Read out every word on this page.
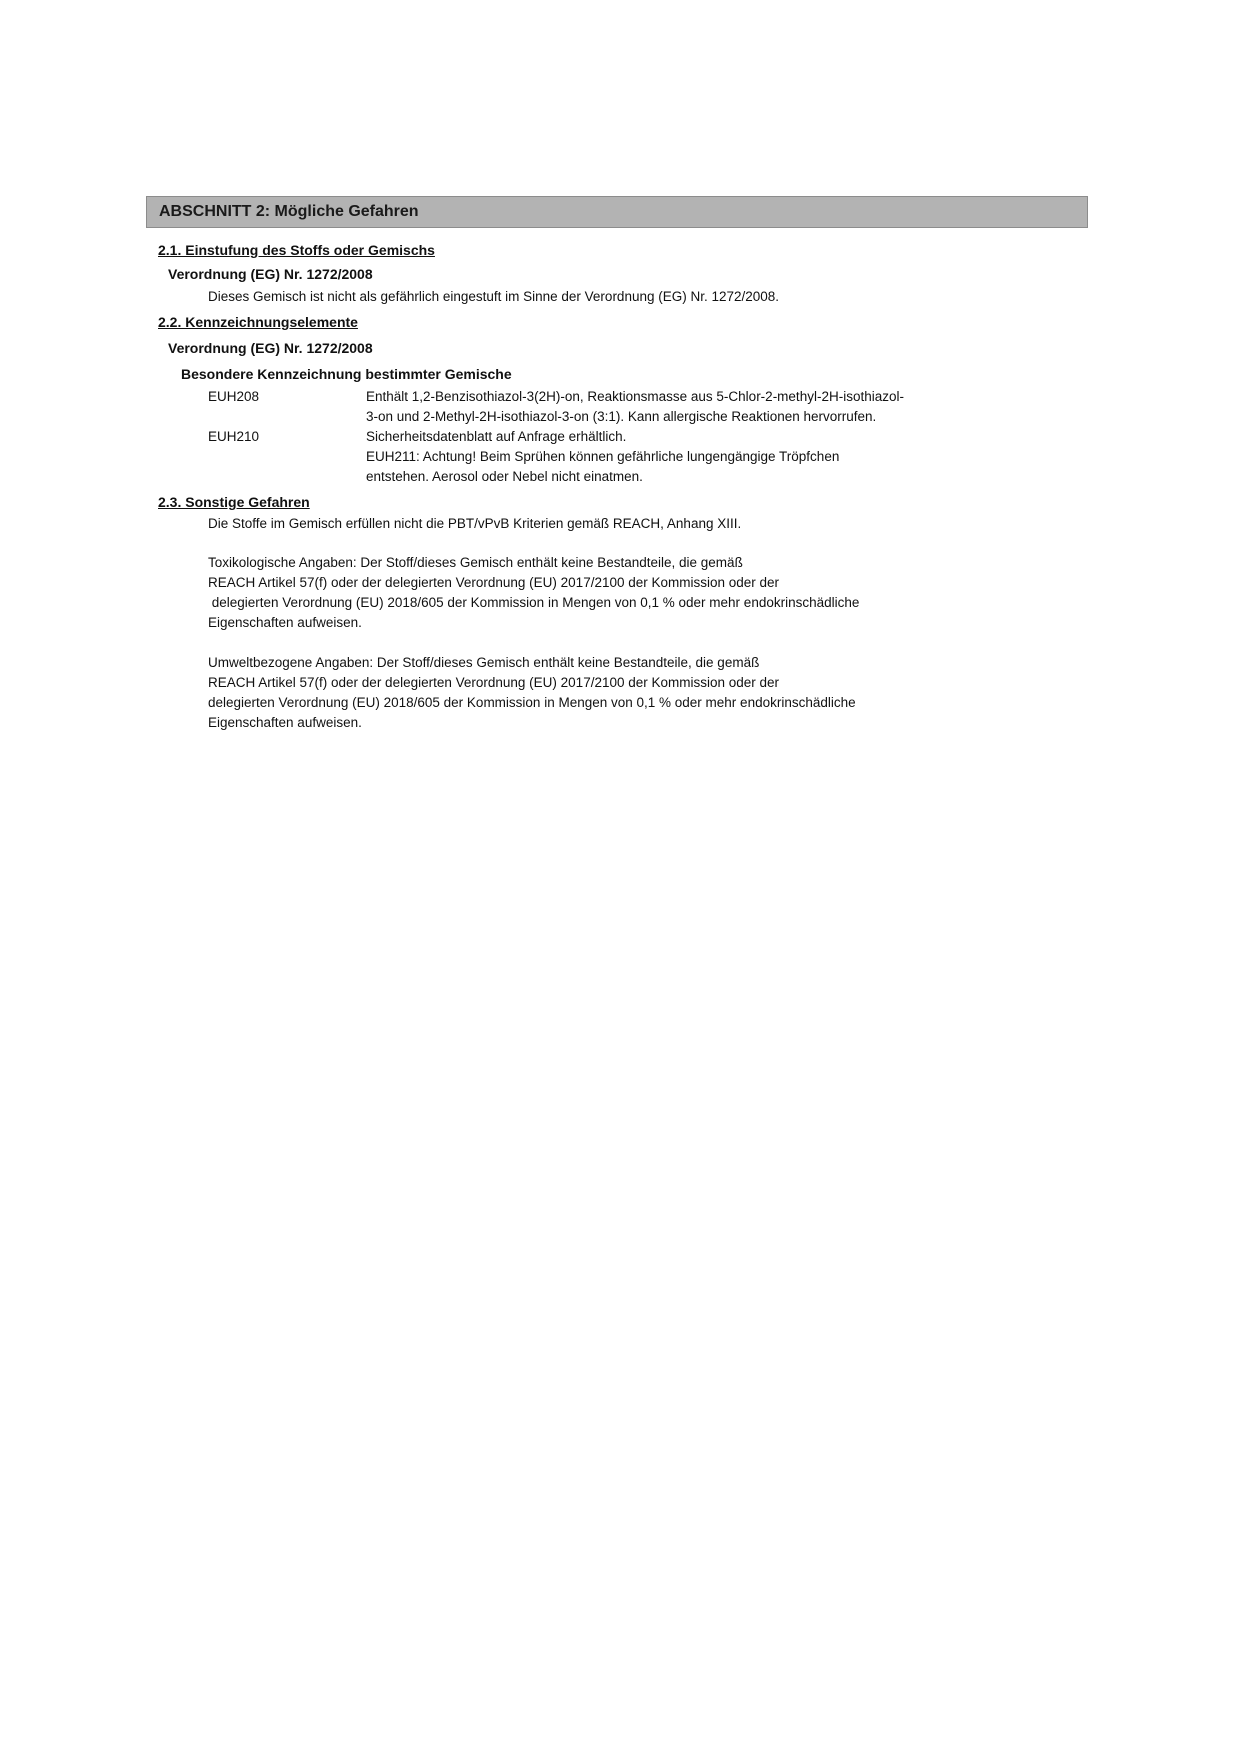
ABSCHNITT 2: Mögliche Gefahren
2.1. Einstufung des Stoffs oder Gemischs
Verordnung (EG) Nr. 1272/2008
Dieses Gemisch ist nicht als gefährlich eingestuft im Sinne der Verordnung (EG) Nr. 1272/2008.
2.2. Kennzeichnungselemente
Verordnung (EG) Nr. 1272/2008
Besondere Kennzeichnung bestimmter Gemische
EUH208	Enthält 1,2-Benzisothiazol-3(2H)-on, Reaktionsmasse aus 5-Chlor-2-methyl-2H-isothiazol-
3-on und 2-Methyl-2H-isothiazol-3-on (3:1). Kann allergische Reaktionen hervorrufen.
EUH210	Sicherheitsdatenblatt auf Anfrage erhältlich.
EUH211: Achtung! Beim Sprühen können gefährliche lungengängige Tröpfchen
entstehen. Aerosol oder Nebel nicht einatmen.
2.3. Sonstige Gefahren
Die Stoffe im Gemisch erfüllen nicht die PBT/vPvB Kriterien gemäß REACH, Anhang XIII.
Toxikologische Angaben: Der Stoff/dieses Gemisch enthält keine Bestandteile, die gemäß
REACH Artikel 57(f) oder der delegierten Verordnung (EU) 2017/2100 der Kommission oder der
delegierten Verordnung (EU) 2018/605 der Kommission in Mengen von 0,1 % oder mehr endokrinschädliche
Eigenschaften aufweisen.
Umweltbezogene Angaben: Der Stoff/dieses Gemisch enthält keine Bestandteile, die gemäß
REACH Artikel 57(f) oder der delegierten Verordnung (EU) 2017/2100 der Kommission oder der
delegierten Verordnung (EU) 2018/605 der Kommission in Mengen von 0,1 % oder mehr endokrinschädliche
Eigenschaften aufweisen.
